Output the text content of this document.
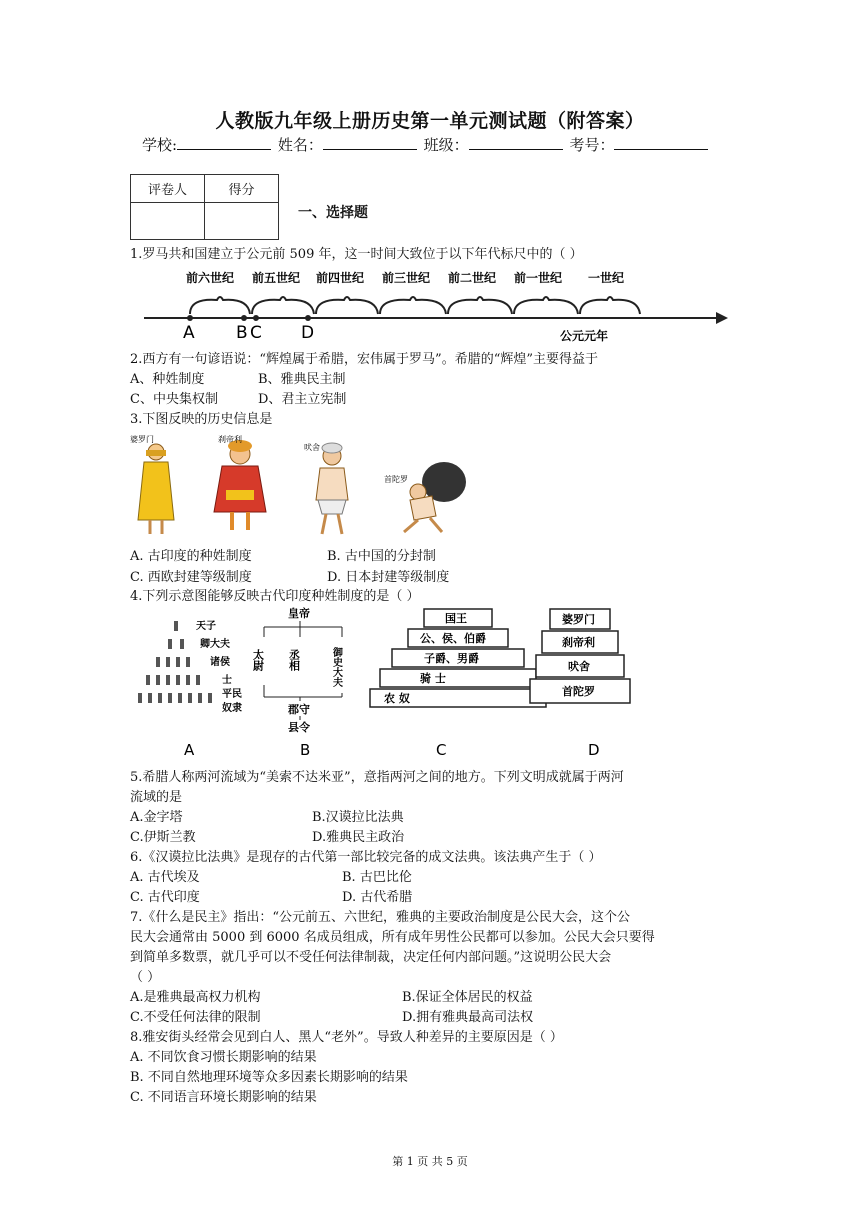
人教版九年级上册历史第一单元测试题（附答案）
学校:	姓名：	班级：	考号：
评卷人	得分

一、选择题
1.罗马共和国建立于公元前 509 年，这一时间大致位于以下年代标尺中的（ ）
前六世纪 前五世纪 前四世纪 前三世纪 前二世纪 前一世纪 一世纪
A B C D	公元元年
2.西方有一句谚语说：“辉煌属于希腊，宏伟属于罗马”。希腊的“辉煌”主要得益于
A、种姓制度	B、雅典民主制
C、中央集权制	D、君主立宪制
3.下图反映的历史信息是
婆罗门	刹帝利
吠舍
首陀罗
A. 古印度的种姓制度	B. 古中国的分封制
C. 西欧封建等级制度	D. 日本封建等级制度
4.下列示意图能够反映古代印度种姓制度的是（ ）
天子
卿大夫
诸侯
士
平民
奴隶
皇帝
太尉 丞相	御史大夫
郡守
县令
国王
公、侯、伯爵
子爵、男爵
骑 士
农 奴
婆罗门
刹帝利
吠舍
首陀罗
A	B	C	D
5.希腊人称两河流域为“美索不达米亚”，意指两河之间的地方。下列文明成就属于两河
流域的是
A.金字塔	B.汉谟拉比法典
C.伊斯兰教	D.雅典民主政治
6.《汉谟拉比法典》是现存的古代第一部比较完备的成文法典。该法典产生于（ ）
A. 古代埃及	B. 古巴比伦
C. 古代印度	D. 古代希腊
7.《什么是民主》指出：“公元前五、六世纪，雅典的主要政治制度是公民大会，这个公
民大会通常由 5000 到 6000 名成员组成，所有成年男性公民都可以参加。公民大会只要得
到简单多数票，就几乎可以不受任何法律制裁，决定任何内部问题。”这说明公民大会
（ ）
A.是雅典最高权力机构	B.保证全体居民的权益
C.不受任何法律的限制	D.拥有雅典最高司法权
8.雅安街头经常会见到白人、黑人“老外”。导致人种差异的主要原因是（ ）
A. 不同饮食习惯长期影响的结果
B. 不同自然地理环境等众多因素长期影响的结果
C. 不同语言环境长期影响的结果
第 1 页 共 5 页
